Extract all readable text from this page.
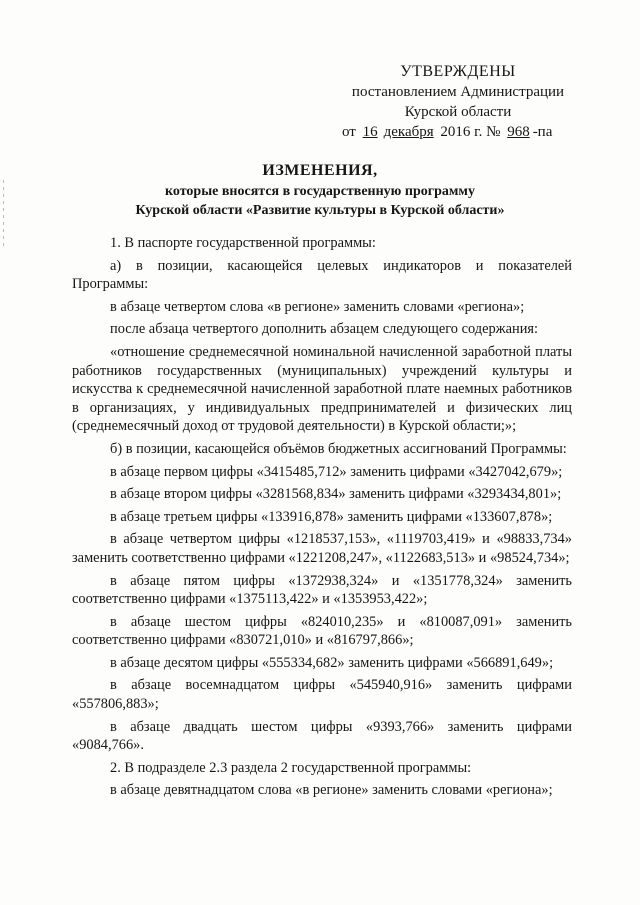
УТВЕРЖДЕНЫ
постановлением Администрации
Курской области
от 16 декабря 2016 г. № 968 -па
ИЗМЕНЕНИЯ,
которые вносятся в государственную программу
Курской области «Развитие культуры в Курской области»

1. В паспорте государственной программы:

а) в позиции, касающейся целевых индикаторов и показателей Программы:

в абзаце четвертом слова «в регионе» заменить словами «региона»;

после абзаца четвертого дополнить абзацем следующего содержания:

«отношение среднемесячной номинальной начисленной заработной платы работников государственных (муниципальных) учреждений культуры и искусства к среднемесячной начисленной заработной плате наемных работников в организациях, у индивидуальных предпринимателей и физических лиц (среднемесячный доход от трудовой деятельности) в Курской области;»;

б) в позиции, касающейся объёмов бюджетных ассигнований Программы:

в абзаце первом цифры «3415485,712» заменить цифрами «3427042,679»;

в абзаце втором цифры «3281568,834» заменить цифрами «3293434,801»;

в абзаце третьем цифры «133916,878» заменить цифрами «133607,878»;

в абзаце четвертом цифры «1218537,153», «1119703,419» и «98833,734» заменить соответственно цифрами «1221208,247», «1122683,513» и «98524,734»;

в абзаце пятом цифры «1372938,324» и «1351778,324» заменить соответственно цифрами «1375113,422» и «1353953,422»;

в абзаце шестом цифры «824010,235» и «810087,091» заменить соответственно цифрами «830721,010» и «816797,866»;

в абзаце десятом цифры «555334,682» заменить цифрами «566891,649»;

в абзаце восемнадцатом цифры «545940,916» заменить цифрами «557806,883»;

в абзаце двадцать шестом цифры «9393,766» заменить цифрами «9084,766».

2. В подразделе 2.3 раздела 2 государственной программы:

в абзаце девятнадцатом слова «в регионе» заменить словами «региона»;
